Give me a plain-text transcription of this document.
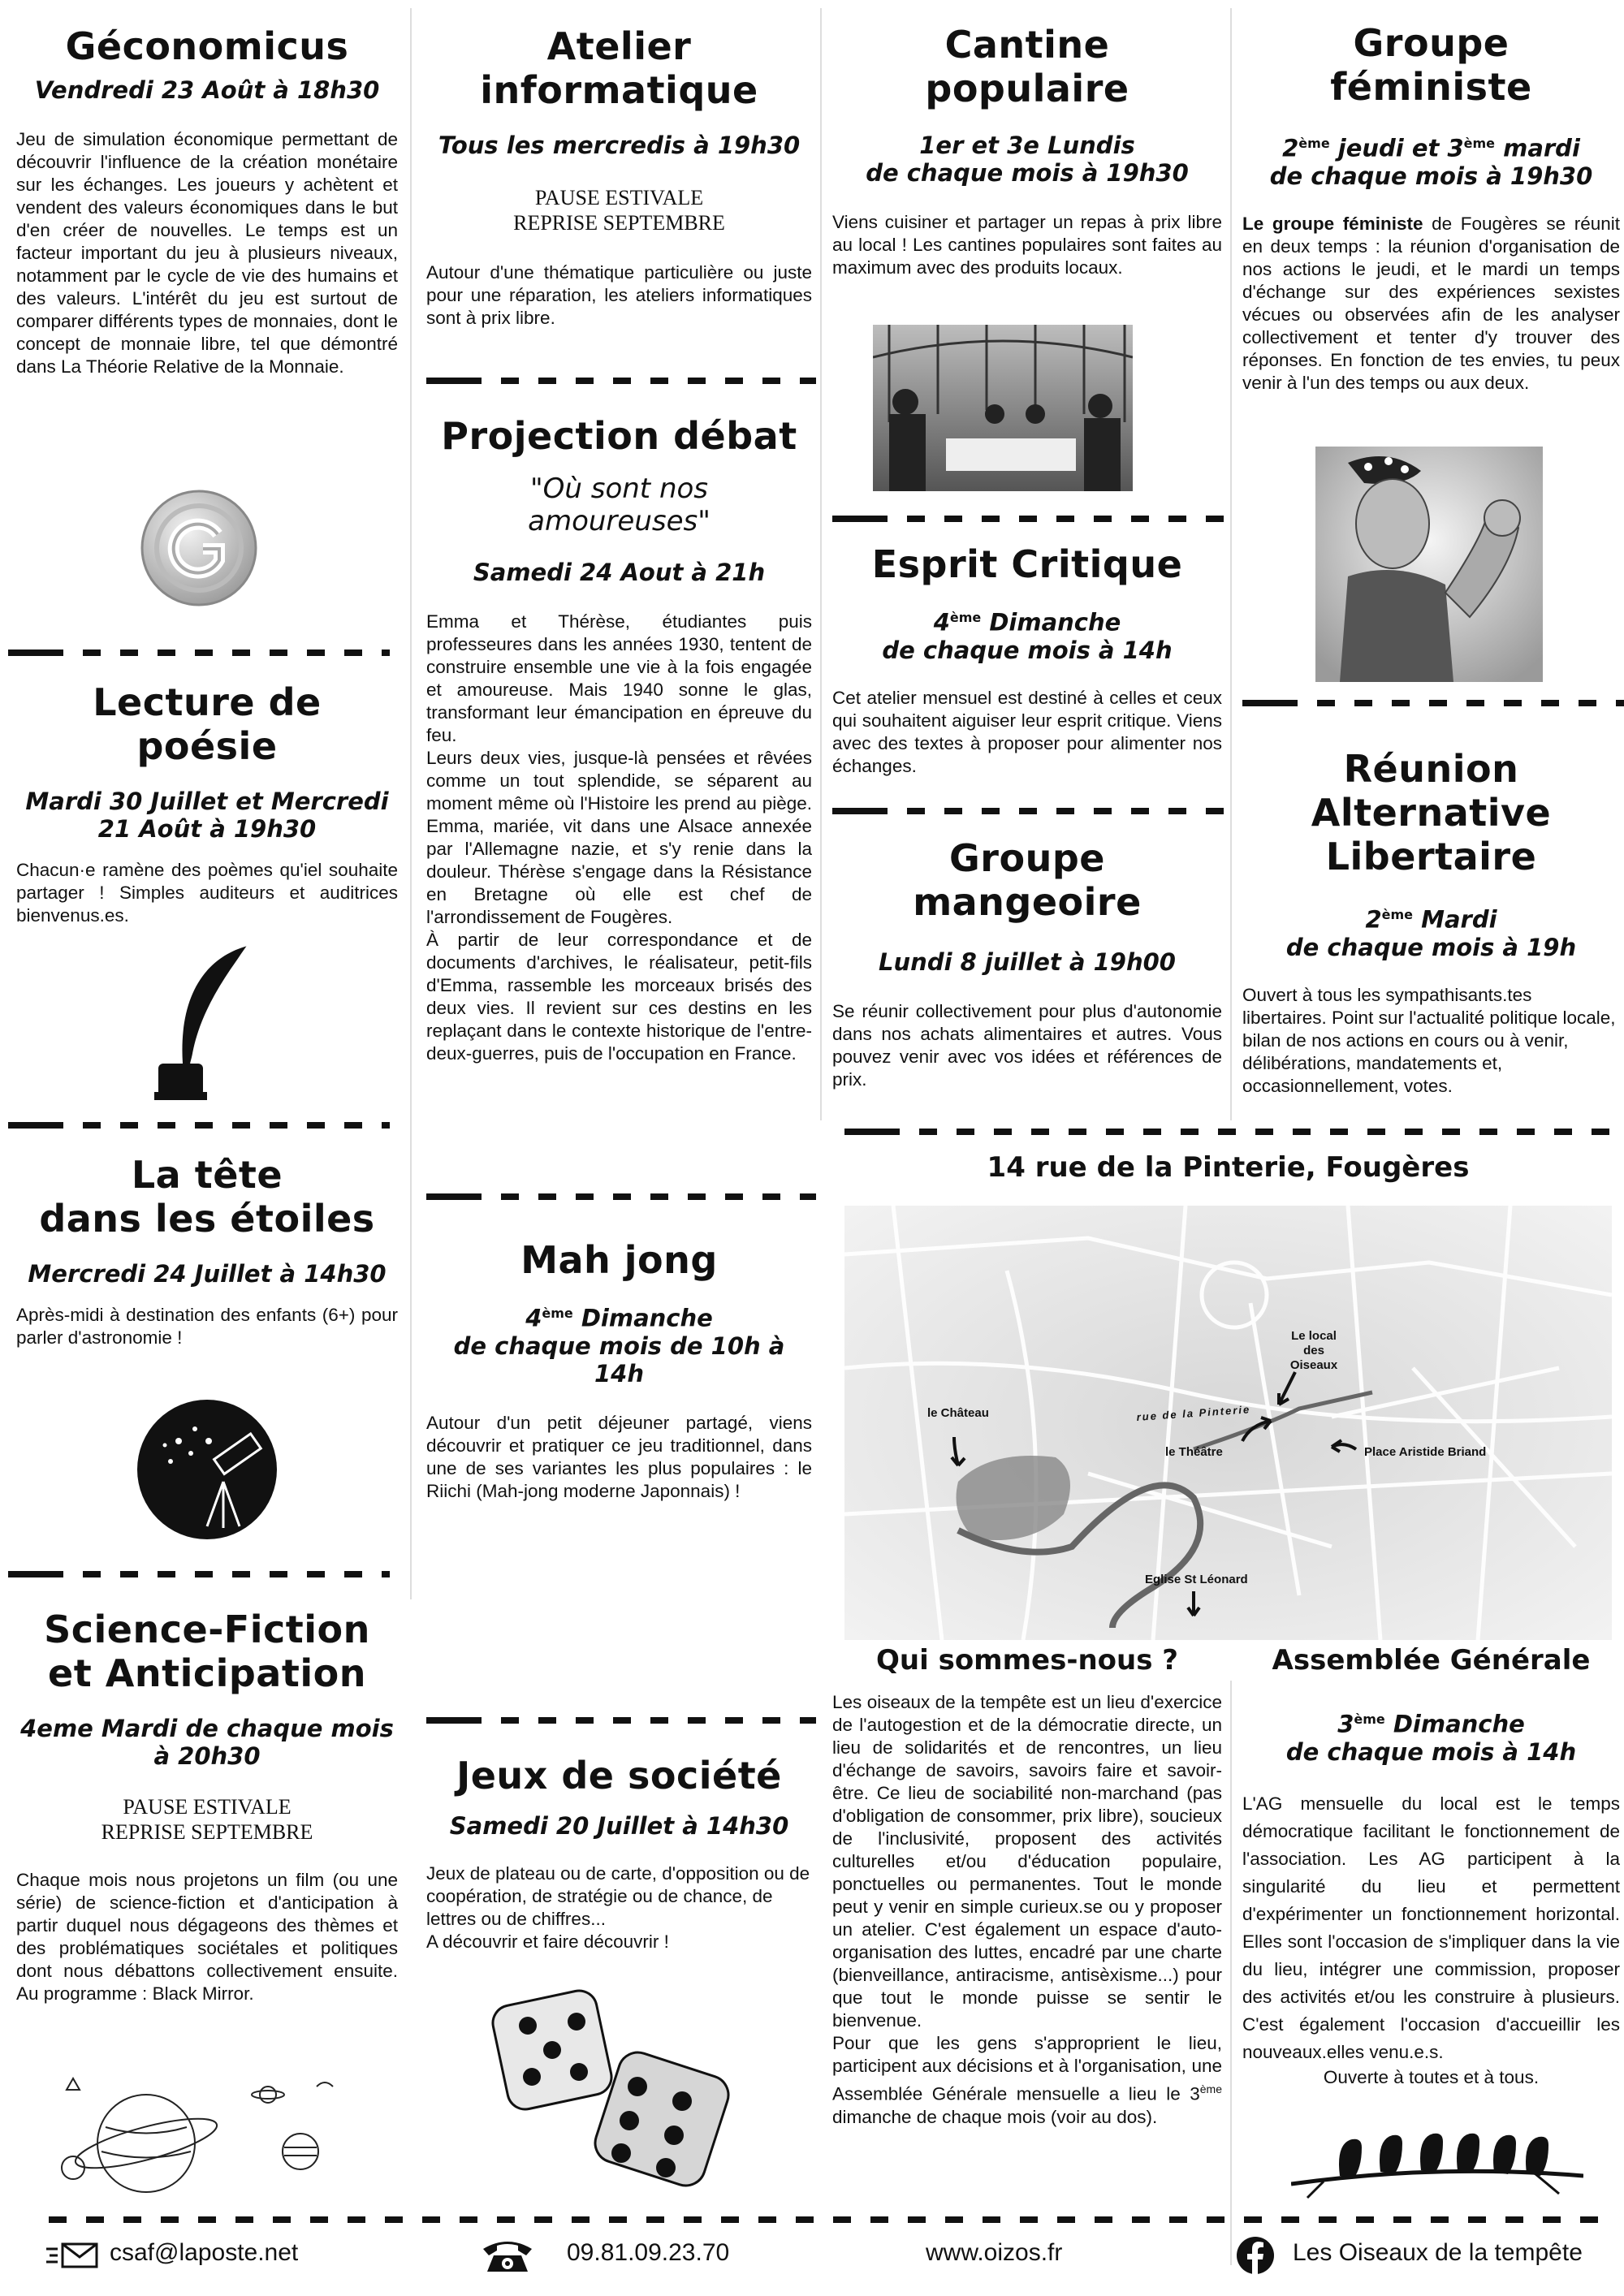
Géconomicus
Vendredi 23 Août à 18h30
Jeu de simulation économique permettant de découvrir l'influence de la création monétaire sur les échanges. Les joueurs y achètent et vendent des valeurs économiques dans le but d'en créer de nouvelles. Le temps est un facteur important du jeu à plusieurs niveaux, notamment par le cycle de vie des humains et des valeurs. L'intérêt du jeu est surtout de comparer différents types de monnaies, dont le concept de monnaie libre, tel que démontré dans La Théorie Relative de la Monnaie.
Lecture de
poésie
Mardi 30 Juillet et Mercredi 21 Août à 19h30
Chacun·e ramène des poèmes qu'iel souhaite partager ! Simples auditeurs et auditrices bienvenus.es.
La tête
dans les étoiles
Mercredi 24 Juillet à 14h30
Après-midi à destination des enfants (6+) pour parler d'astronomie !
Science-Fiction
et Anticipation
4eme Mardi de chaque mois à 20h30
PAUSE ESTIVALE
REPRISE SEPTEMBRE
Chaque mois nous projetons un film (ou une série) de science-fiction et d'anticipation à partir duquel nous dégageons des thèmes et des problématiques sociétales et politiques dont nous débattons collectivement ensuite. Au programme : Black Mirror.
Atelier
informatique
Tous les mercredis à 19h30
PAUSE ESTIVALE
REPRISE SEPTEMBRE
Autour d'une thématique particulière ou juste pour une réparation, les ateliers informatiques sont à prix libre.
Projection débat
"Où sont nos
amoureuses"
Samedi 24 Aout à 21h
Emma et Thérèse, étudiantes puis professeures dans les années 1930, tentent de construire ensemble une vie à la fois engagée et amoureuse. Mais 1940 sonne le glas, transformant leur émancipation en épreuve du feu.
Leurs deux vies, jusque-là pensées et rêvées comme un tout splendide, se séparent au moment même où l'Histoire les prend au piège. Emma, mariée, vit dans une Alsace annexée par l'Allemagne nazie, et s'y renie dans la douleur. Thérèse s'engage dans la Résistance en Bretagne où elle est chef de l'arrondissement de Fougères.
À partir de leur correspondance et de documents d'archives, le réalisateur, petit-fils d'Emma, rassemble les morceaux brisés des deux vies. Il revient sur ces destins en les replaçant dans le contexte historique de l'entre-deux-guerres, puis de l'occupation en France.
Mah jong
4ème Dimanche
de chaque mois de 10h à 14h
Autour d'un petit déjeuner partagé, viens découvrir et pratiquer ce jeu traditionnel, dans une de ses variantes les plus populaires : le Riichi (Mah-jong moderne Japonnais) !
Jeux de société
Samedi 20 Juillet à 14h30
Jeux de plateau ou de carte, d'opposition ou de coopération, de stratégie ou de chance, de lettres ou de chiffres...
A découvrir et faire découvrir !
Cantine
populaire
1er et 3e Lundis
de chaque mois à 19h30
Viens cuisiner et partager un repas à prix libre au local ! Les cantines populaires sont faites au maximum avec des produits locaux.
Esprit Critique
4ème Dimanche
de chaque mois à 14h
Cet atelier mensuel est destiné à celles et ceux qui souhaitent aiguiser leur esprit critique. Viens avec des textes à proposer pour alimenter nos échanges.
Groupe
mangeoire
Lundi 8 juillet à 19h00
Se réunir collectivement pour plus d'autonomie dans nos achats alimentaires et autres. Vous pouvez venir avec vos idées et références de prix.
Qui sommes-nous ?
Les oiseaux de la tempête est un lieu d'exercice de l'autogestion et de la démocratie directe, un lieu de solidarités et de rencontres, un lieu d'échange de savoirs, savoirs faire et savoir-être. Ce lieu de sociabilité non-marchand (pas d'obligation de consommer, prix libre), soucieux de l'inclusivité, proposent des activités culturelles et/ou d'éducation populaire, ponctuelles ou permanentes. Tout le monde peut y venir en simple curieux.se ou y proposer un atelier. C'est également un espace d'auto-organisation des luttes, encadré par une charte (bienveillance, antiracisme, antisèxisme...) pour que tout le monde puisse se sentir le bienvenue.
Pour que les gens s'approprient le lieu, participent aux décisions et à l'organisation, une Assemblée Générale mensuelle a lieu le 3ème dimanche de chaque mois (voir au dos).
Groupe
féministe
2ème jeudi et 3ème mardi
de chaque mois à 19h30
Le groupe féministe de Fougères se réunit en deux temps : la réunion d'organisation de nos actions le jeudi, et le mardi un temps d'échange sur des expériences sexistes vécues ou observées afin de les analyser collectivement et tenter d'y trouver des réponses. En fonction de tes envies, tu peux venir à l'un des temps ou aux deux.
Réunion
Alternative
Libertaire
2ème Mardi
de chaque mois à 19h
Ouvert à tous les sympathisants.tes libertaires. Point sur l'actualité politique locale, bilan de nos actions en cours ou à venir, délibérations, mandatements et, occasionnellement, votes.
Assemblée Générale
3ème Dimanche
de chaque mois à 14h
L'AG mensuelle du local est le temps démocratique facilitant le fonctionnement de l'association. Les AG participent à la singularité du lieu et permettent d'expérimenter un fonctionnement horizontal. Elles sont l'occasion de s'impliquer dans la vie du lieu, intégrer une commission, proposer des activités et/ou les construire à plusieurs. C'est également l'occasion d'accueillir les nouveaux.elles venu.e.s.
Ouverte à toutes et à tous.
14 rue de la Pinterie, Fougères
Le local
des
Oiseaux
rue de la Pinterie
le Château
le Théâtre	Place Aristide Briand
Eglise St Léonard
csaf@laposte.net	09.81.09.23.70	www.oizos.fr	Les Oiseaux de la tempête
